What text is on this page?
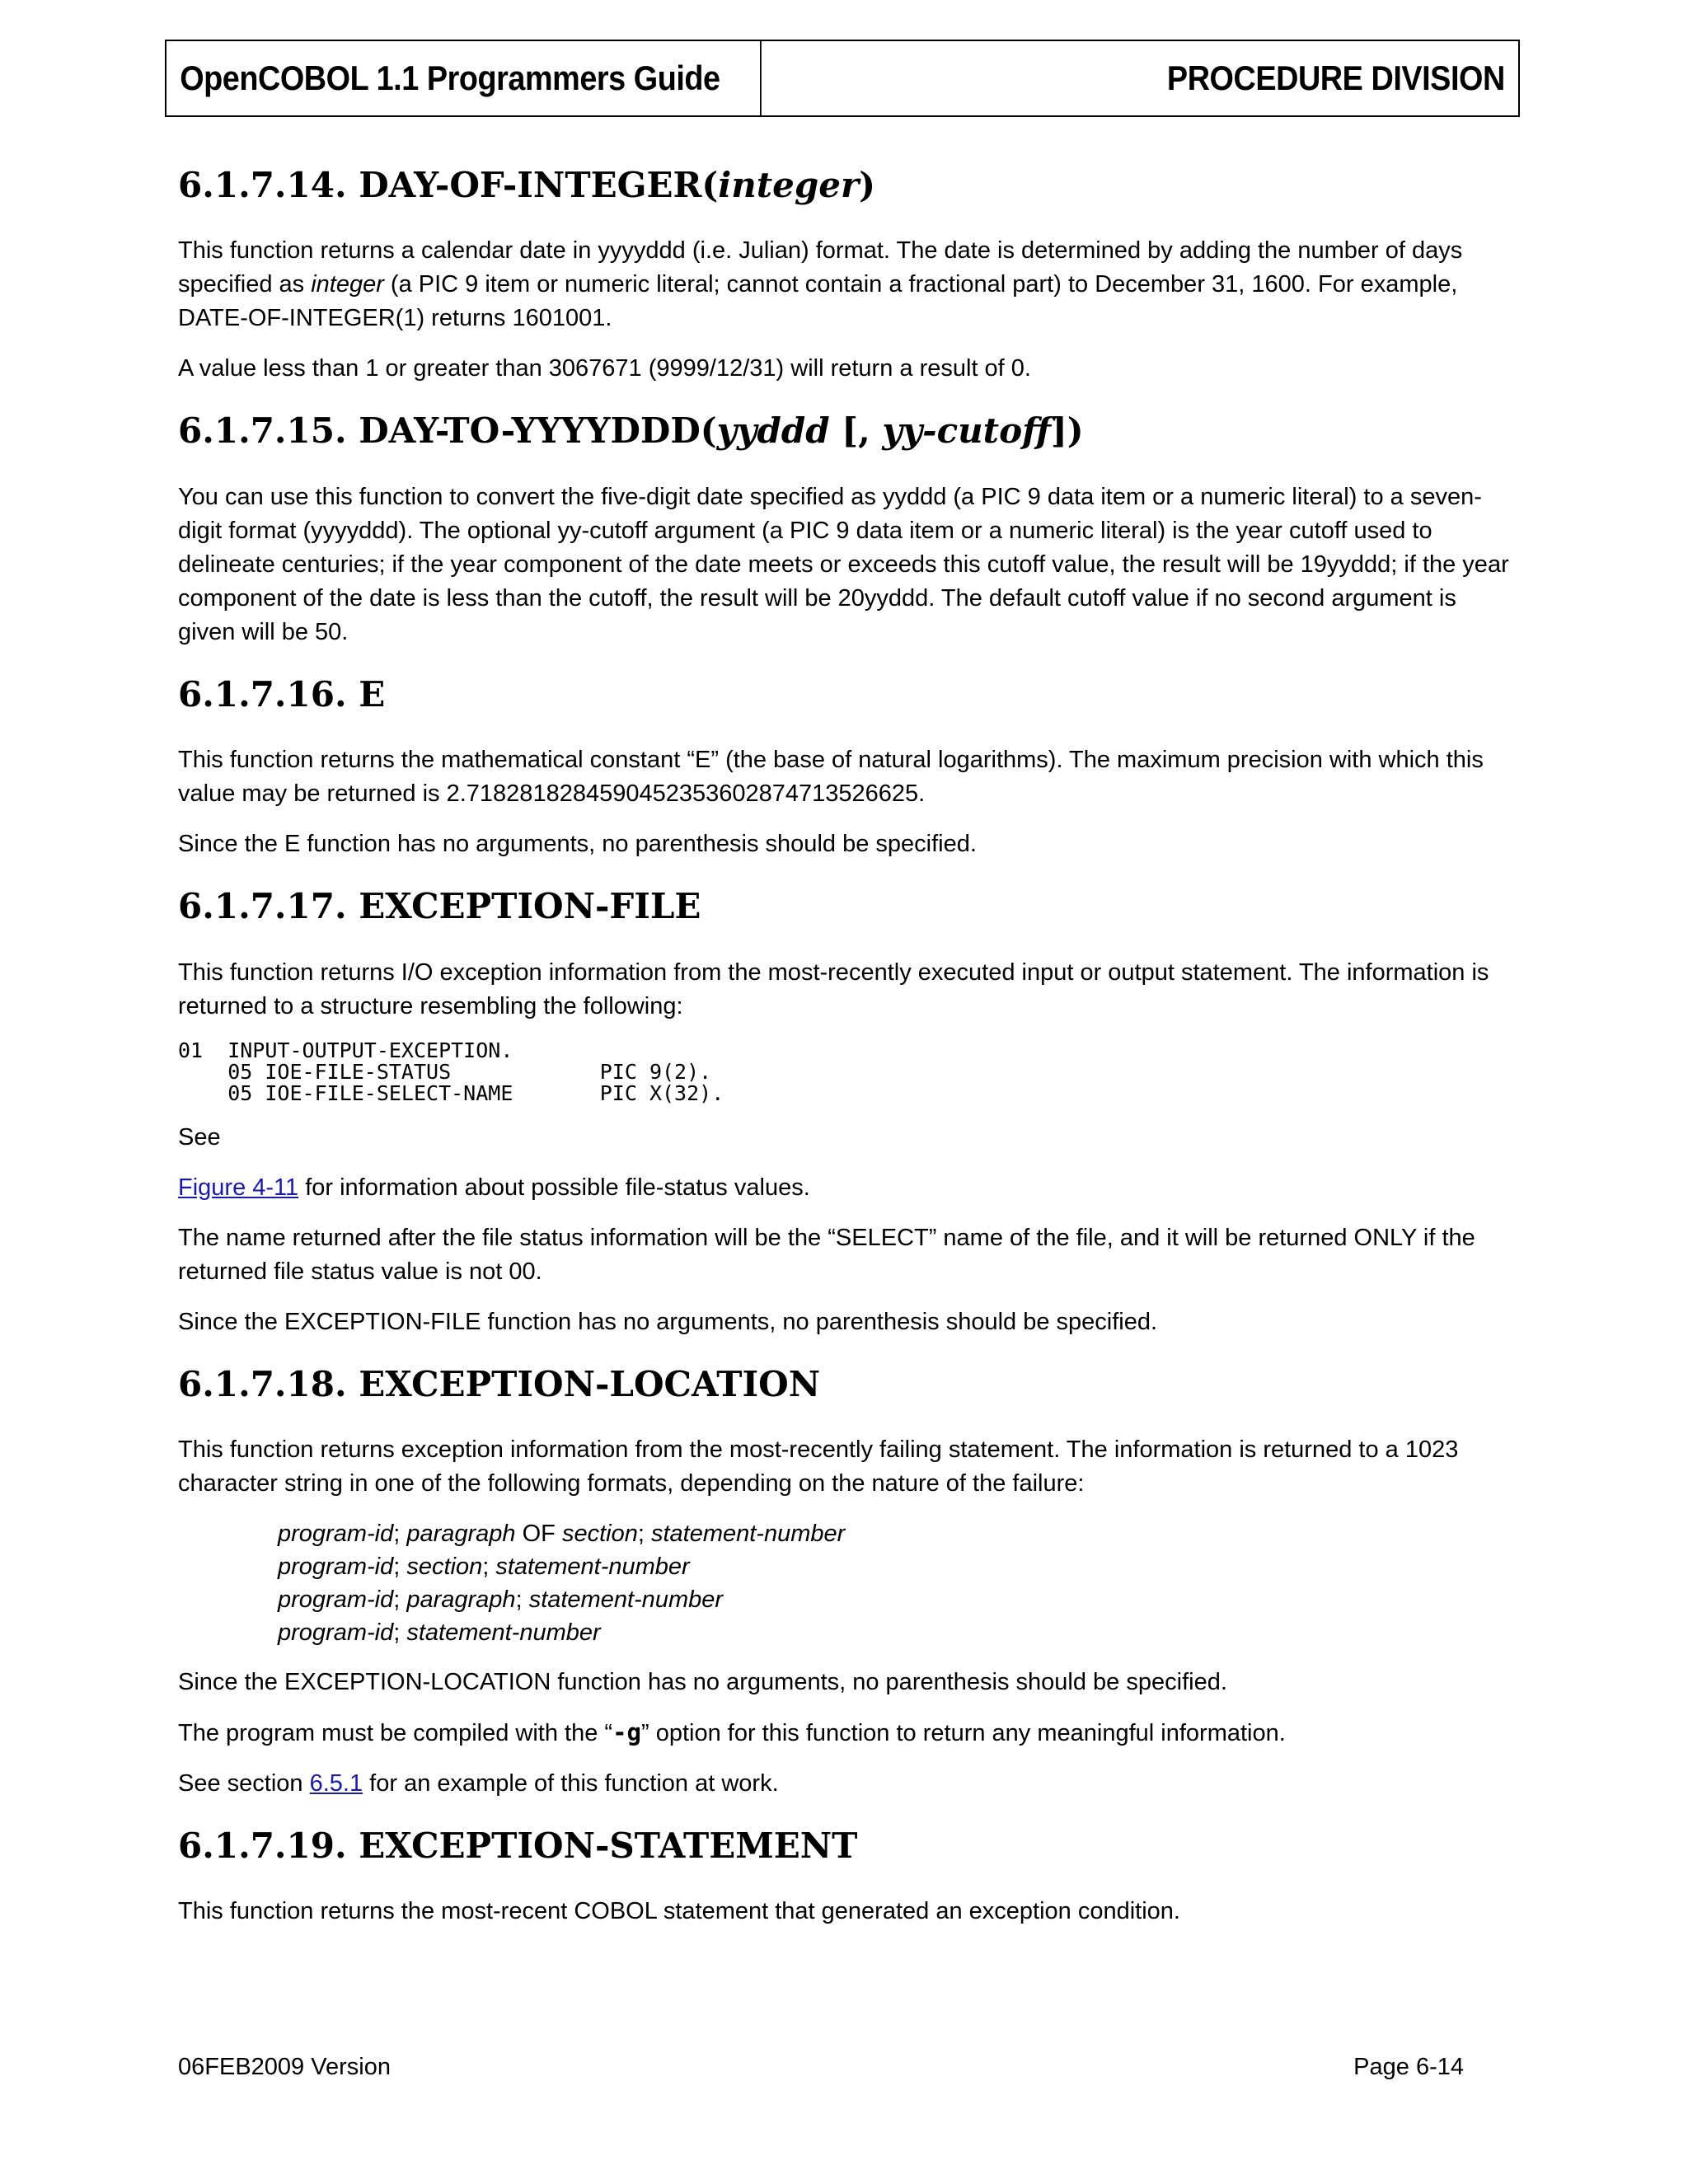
OpenCOBOL 1.1 Programmers Guide	PROCEDURE DIVISION
6.1.7.14. DAY-OF-INTEGER(integer)

This function returns a calendar date in yyyyddd (i.e. Julian) format. The date is determined by adding the number of days specified as integer (a PIC 9 item or numeric literal; cannot contain a fractional part) to December 31, 1600. For example, DATE-OF-INTEGER(1) returns 1601001.

A value less than 1 or greater than 3067671 (9999/12/31) will return a result of 0.

6.1.7.15. DAY-TO-YYYYDDD(yyddd [, yy-cutoff])

You can use this function to convert the five-digit date specified as yyddd (a PIC 9 data item or a numeric literal) to a seven-digit format (yyyyddd). The optional yy-cutoff argument (a PIC 9 data item or a numeric literal) is the year cutoff used to delineate centuries; if the year component of the date meets or exceeds this cutoff value, the result will be 19yyddd; if the year component of the date is less than the cutoff, the result will be 20yyddd. The default cutoff value if no second argument is given will be 50.

6.1.7.16. E

This function returns the mathematical constant “E” (the base of natural logarithms). The maximum precision with which this value may be returned is 2.7182818284590452353602874713526625.

Since the E function has no arguments, no parenthesis should be specified.

6.1.7.17. EXCEPTION-FILE

This function returns I/O exception information from the most-recently executed input or output statement. The information is returned to a structure resembling the following:

01  INPUT-OUTPUT-EXCEPTION.
05 IOE-FILE-STATUS            PIC 9(2).
05 IOE-FILE-SELECT-NAME       PIC X(32).

See

Figure 4-11 for information about possible file-status values.

The name returned after the file status information will be the “SELECT” name of the file, and it will be returned ONLY if the returned file status value is not 00.

Since the EXCEPTION-FILE function has no arguments, no parenthesis should be specified.

6.1.7.18. EXCEPTION-LOCATION

This function returns exception information from the most-recently failing statement. The information is returned to a 1023 character string in one of the following formats, depending on the nature of the failure:

program-id; paragraph OF section; statement-number
program-id; section; statement-number
program-id; paragraph; statement-number
program-id; statement-number

Since the EXCEPTION-LOCATION function has no arguments, no parenthesis should be specified.

The program must be compiled with the “-g” option for this function to return any meaningful information.

See section 6.5.1 for an example of this function at work.

6.1.7.19. EXCEPTION-STATEMENT

This function returns the most-recent COBOL statement that generated an exception condition.

06FEB2009 Version	Page 6-14
